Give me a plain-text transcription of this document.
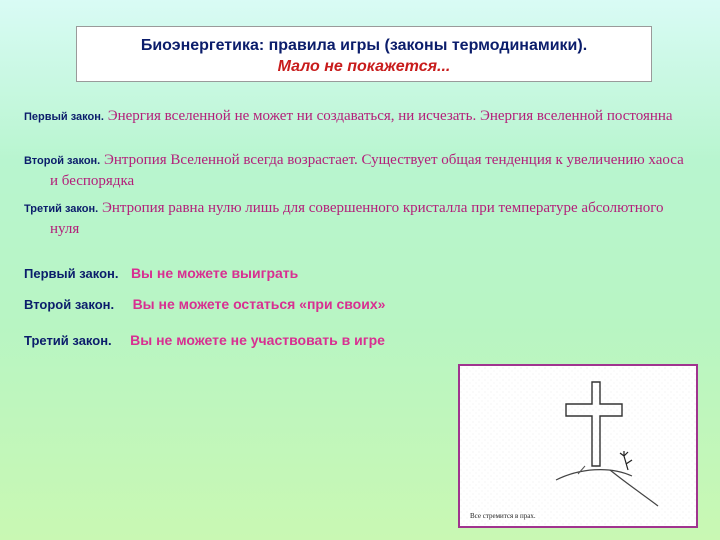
Биоэнергетика: правила игры (законы термодинамики).
Мало не покажется...
Первый закон. Энергия вселенной не может ни создаваться, ни исчезать. Энергия вселенной постоянна
Второй закон. Энтропия Вселенной всегда возрастает. Существует общая тенденция к увеличению хаоса и беспорядка
Третий закон. Энтропия равна нулю лишь для совершенного кристалла при температуре абсолютного нуля
Первый закон. Вы не можете выиграть
Второй закон. Вы не можете остаться «при своих»
Третий закон. Вы не можете не участвовать в игре
Все стремится в прах.
